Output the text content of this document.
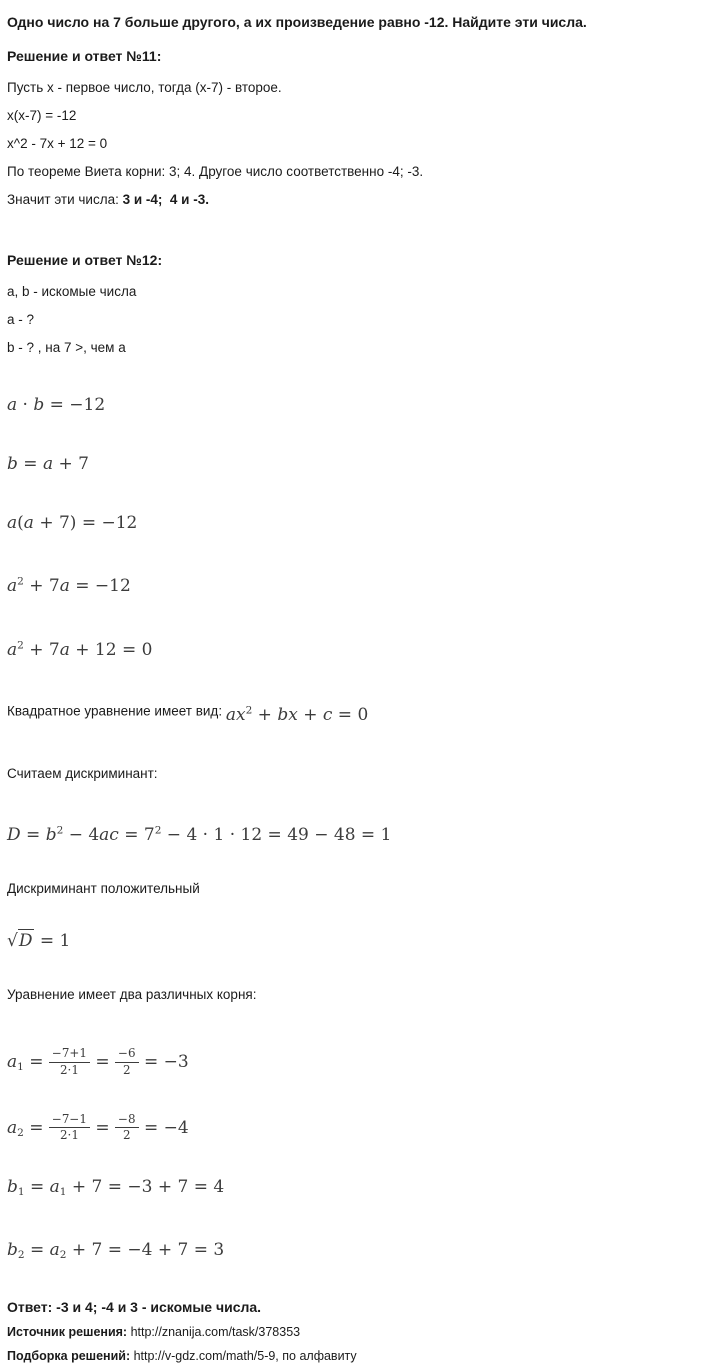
Одно число на 7 больше другого, а их произведение равно -12. Найдите эти числа.
Решение и ответ №11:
Пусть x - первое число, тогда (x-7) - второе.
x(x-7) = -12
x^2 - 7x + 12 = 0
По теореме Виета корни: 3; 4. Другое число соответственно -4; -3.
Значит эти числа: 3 и -4;  4 и -3.
Решение и ответ №12:
a, b - искомые числа
a - ?
b - ? , на 7 >, чем a
a · b = −12
b = a + 7
a(a + 7) = −12
$a^2 + 7a = -12$
$a^2 + 7a + 12 = 0$
Квадратное уравнение имеет вид: $ax^2$ + bx + c = 0
Считаем дискриминант:
$D = b^2 - 4ac = 7^2 - 4 \cdot 1 \cdot 12 = 49 - 48 = 1$
Дискриминант положительный
√D = 1
Уравнение имеет два различных корня:
$a1 = \frac{-7+1}{2\cdot 1} = \frac{-6}{2} = -3$
$a2 = \frac{-7-1}{2\cdot 1} = \frac{-8}{2} = -4$
b1 = a1 + 7 = −3 + 7 = 4
b2 = a2 + 7 = −4 + 7 = 3
Ответ: -3 и 4; -4 и 3 - искомые числа.
Источник решения: http://znanija.com/task/378353
Подборка решений: http://v-gdz.com/math/5-9, по алфавиту
